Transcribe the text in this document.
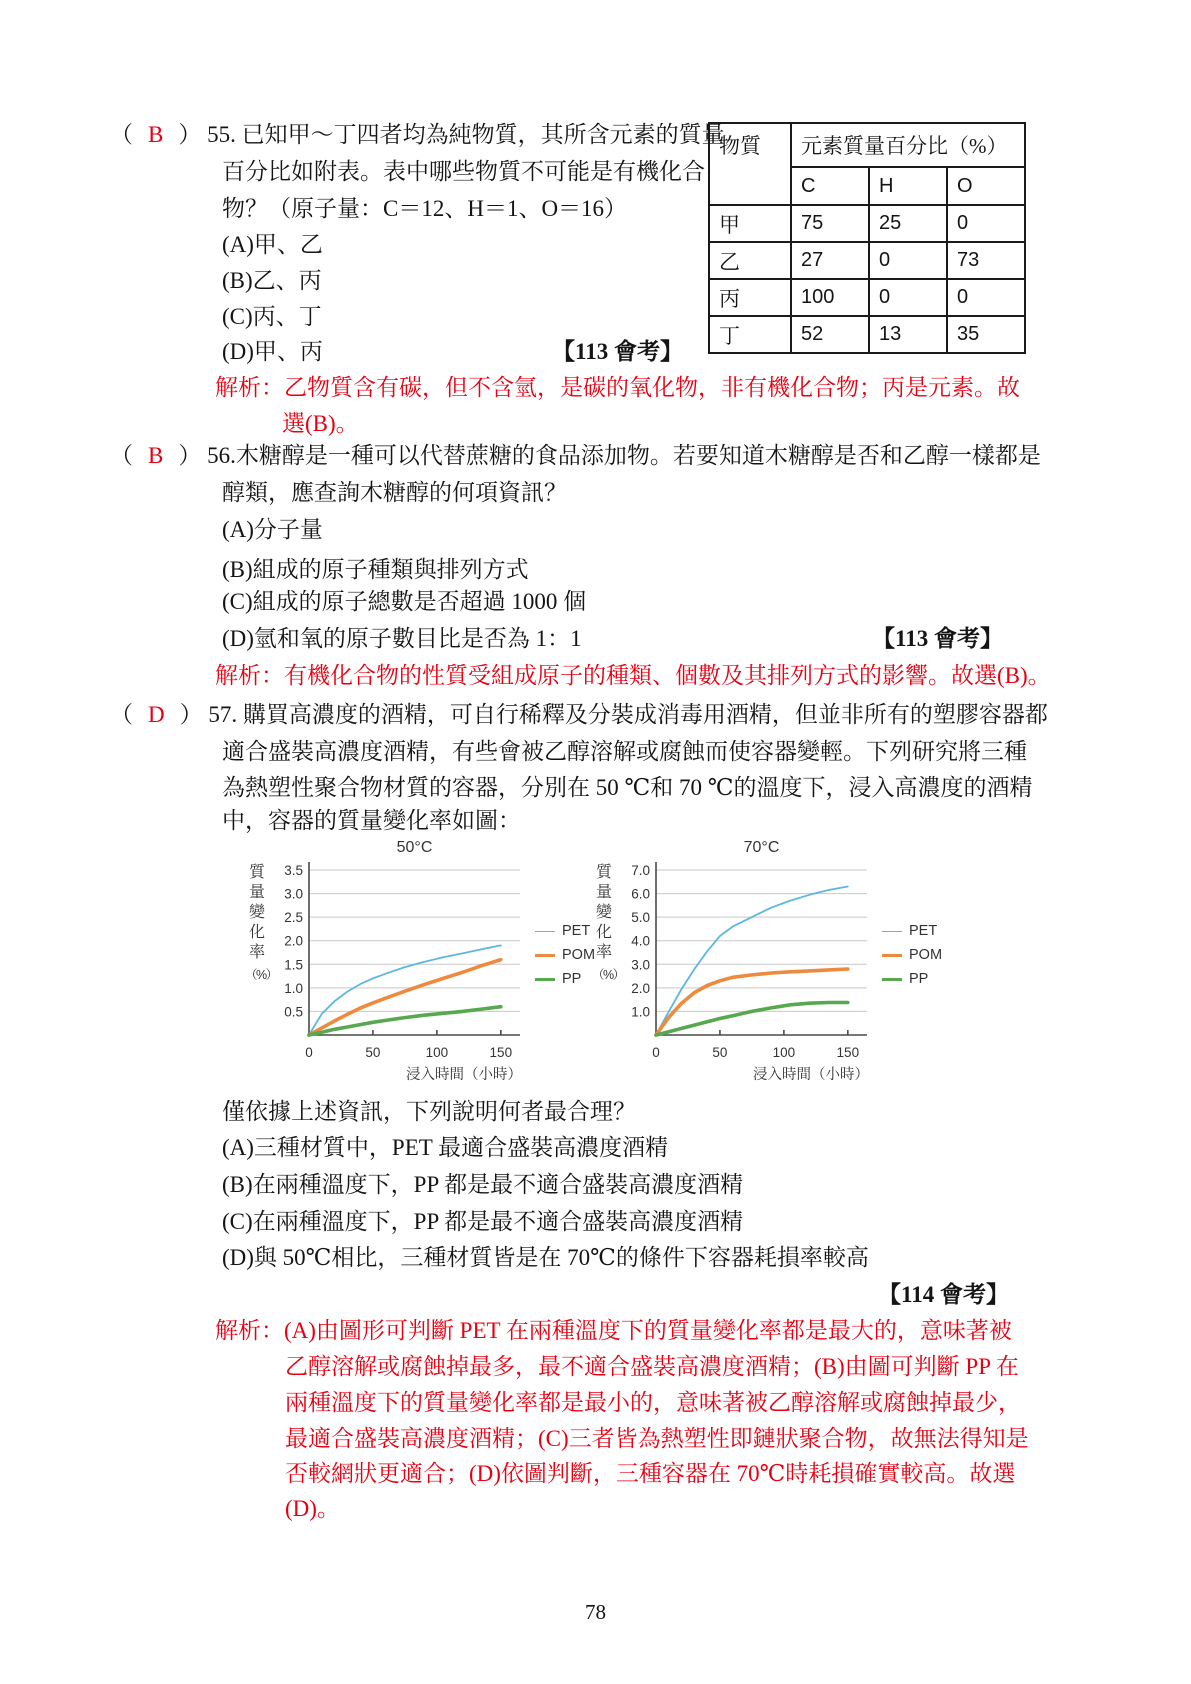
（ B ） 55. 已知甲～丁四者均為純物質，其所含元素的質量
百分比如附表。表中哪些物質不可能是有機化合
物？（原子量：C＝12、H＝1、O＝16）
(A)甲、乙
(B)乙、丙
(C)丙、丁
(D)甲、丙	【113 會考】
解析：乙物質含有碳，但不含氫，是碳的氧化物，非有機化合物；丙是元素。故
選(B)。
物質	元素質量百分比（%）		
	C	H	O
甲	75	25	0
乙	27	0	73
丙	100	0	0
丁	52	13	35
（ B ） 56.木糖醇是一種可以代替蔗糖的食品添加物。若要知道木糖醇是否和乙醇一樣都是
醇類，應查詢木糖醇的何項資訊？
(A)分子量
(B)組成的原子種類與排列方式
(C)組成的原子總數是否超過 1000 個
(D)氫和氧的原子數目比是否為 1：1	【113 會考】
解析：有機化合物的性質受組成原子的種類、個數及其排列方式的影響。故選(B)。
（ D ） 57. 購買高濃度的酒精，可自行稀釋及分裝成消毒用酒精，但並非所有的塑膠容器都
適合盛裝高濃度酒精，有些會被乙醇溶解或腐蝕而使容器變輕。下列研究將三種
為熱塑性聚合物材質的容器，分別在 50 ℃和 70 ℃的溫度下，浸入高濃度的酒精
中，容器的質量變化率如圖：
質
量
變
化
率
（%）
50°C
0.5
1.0
1.5
2.0
2.5
3.0
3.5
0	50	100	150
浸入時間（小時）
PET
POM
PP
質
量
變
化
率
（%）
70°C
1.0
2.0
3.0
4.0
5.0
6.0
7.0
0	50	100	150
浸入時間（小時）
PET
POM
PP
僅依據上述資訊，下列說明何者最合理？
(A)三種材質中，PET 最適合盛裝高濃度酒精
(B)在兩種溫度下，PP 都是最不適合盛裝高濃度酒精
(C)在兩種溫度下，PP 都是最不適合盛裝高濃度酒精
(D)與 50℃相比，三種材質皆是在 70℃的條件下容器耗損率較高
【114 會考】
解析：(A)由圖形可判斷 PET 在兩種溫度下的質量變化率都是最大的，意味著被
乙醇溶解或腐蝕掉最多，最不適合盛裝高濃度酒精；(B)由圖可判斷 PP 在
兩種溫度下的質量變化率都是最小的，意味著被乙醇溶解或腐蝕掉最少，
最適合盛裝高濃度酒精；(C)三者皆為熱塑性即鏈狀聚合物，故無法得知是
否較網狀更適合；(D)依圖判斷，三種容器在 70℃時耗損確實較高。故選
(D)。
78
